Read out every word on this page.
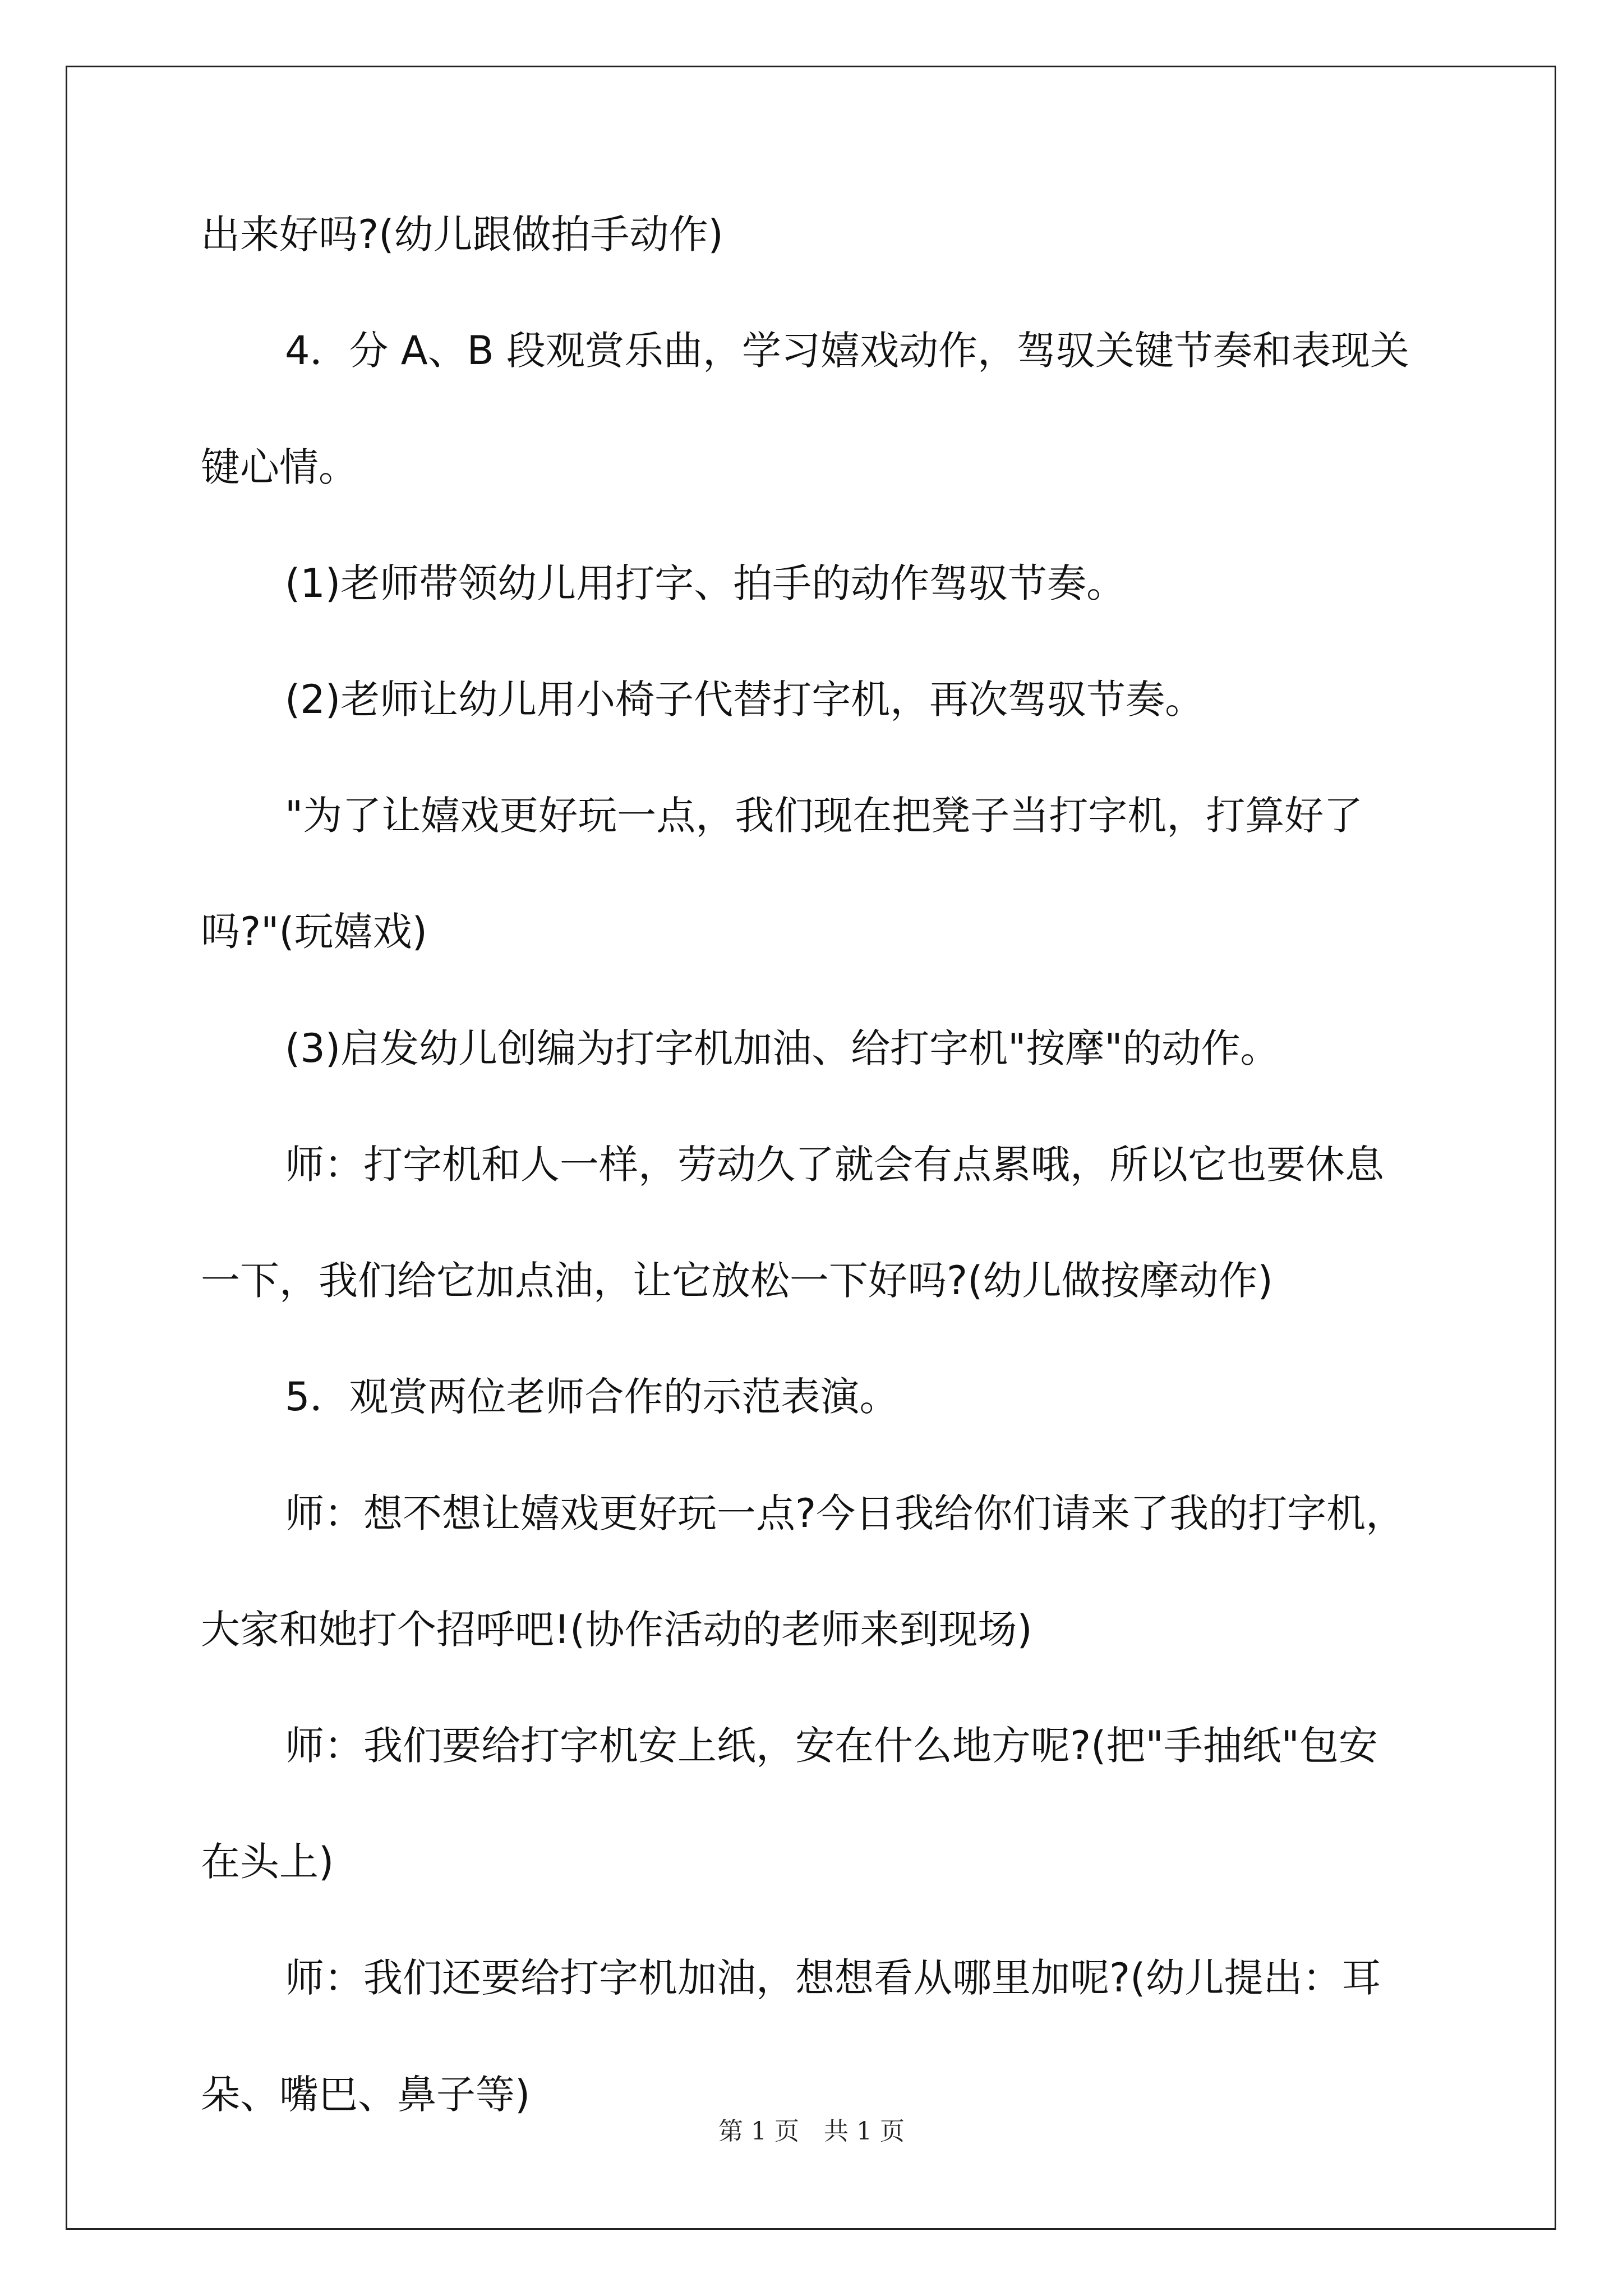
出来好吗?(幼儿跟做拍手动作)
4．分 A、B 段观赏乐曲，学习嬉戏动作，驾驭关键节奏和表现关
键心情。
(1)老师带领幼儿用打字、拍手的动作驾驭节奏。
(2)老师让幼儿用小椅子代替打字机，再次驾驭节奏。
"为了让嬉戏更好玩一点，我们现在把凳子当打字机，打算好了
吗?"(玩嬉戏)
(3)启发幼儿创编为打字机加油、给打字机"按摩"的动作。
师：打字机和人一样，劳动久了就会有点累哦，所以它也要休息
一下，我们给它加点油，让它放松一下好吗?(幼儿做按摩动作)
5．观赏两位老师合作的示范表演。
师：想不想让嬉戏更好玩一点?今日我给你们请来了我的打字机，
大家和她打个招呼吧!(协作活动的老师来到现场)
师：我们要给打字机安上纸，安在什么地方呢?(把"手抽纸"包安
在头上)
师：我们还要给打字机加油，想想看从哪里加呢?(幼儿提出：耳
朵、嘴巴、鼻子等)
第 1 页　共 1 页
